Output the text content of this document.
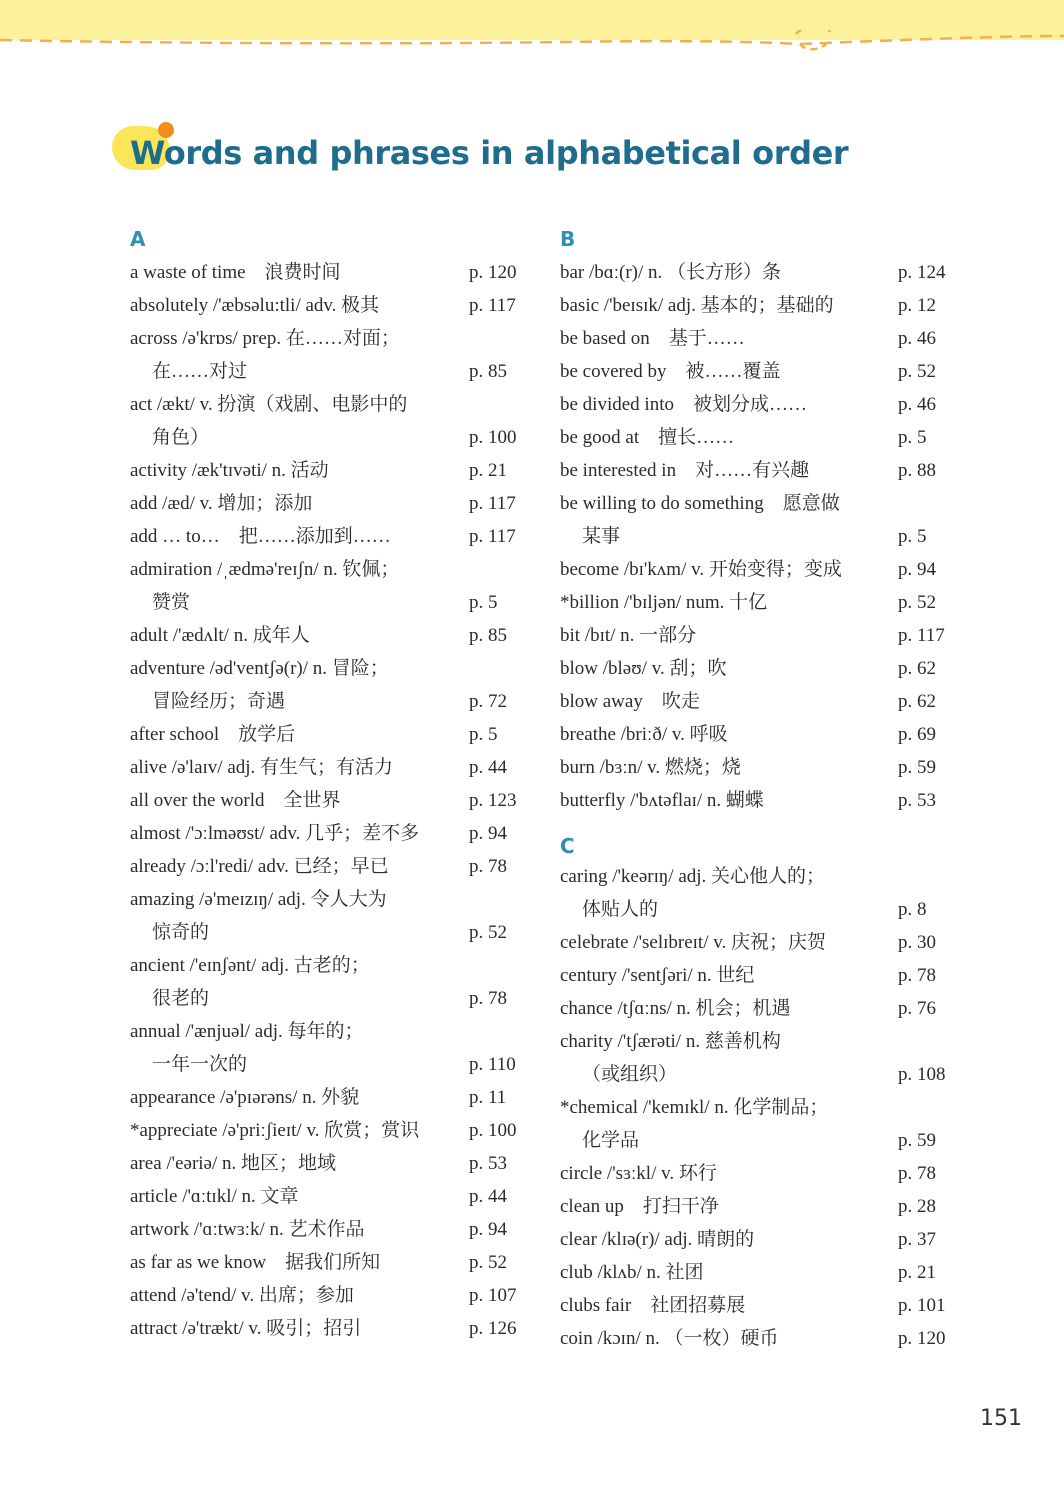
Words and phrases in alphabetical order
A
a waste of time　浪费时间	p. 120
absolutely /'æbsəlu:tli/ adv. 极其	p. 117
across /ə'krɒs/ prep. 在……对面；
在……对过	p. 85
act /ækt/ v. 扮演（戏剧、电影中的
角色）	p. 100
activity /æk'tɪvəti/ n. 活动	p. 21
add /æd/ v. 增加；添加	p. 117
add … to…　把……添加到……	p. 117
admiration /ˌædmə'reɪʃn/ n. 钦佩；
赞赏	p. 5
adult /'ædʌlt/ n. 成年人	p. 85
adventure /əd'ventʃə(r)/ n. 冒险；
冒险经历；奇遇	p. 72
after school　放学后	p. 5
alive /ə'laɪv/ adj. 有生气；有活力	p. 44
all over the world　全世界	p. 123
almost /'ɔːlməʊst/ adv. 几乎；差不多	p. 94
already /ɔːl'redi/ adv. 已经；早已	p. 78
amazing /ə'meɪzɪŋ/ adj. 令人大为
惊奇的	p. 52
ancient /'eɪnʃənt/ adj. 古老的；
很老的	p. 78
annual /'ænjuəl/ adj. 每年的；
一年一次的	p. 110
appearance /ə'pɪərəns/ n. 外貌	p. 11
*appreciate /ə'priːʃieɪt/ v. 欣赏；赏识	p. 100
area /'eəriə/ n. 地区；地域	p. 53
article /'ɑːtɪkl/ n. 文章	p. 44
artwork /'ɑːtwɜːk/ n. 艺术作品	p. 94
as far as we know　据我们所知	p. 52
attend /ə'tend/ v. 出席；参加	p. 107
attract /ə'trækt/ v. 吸引；招引	p. 126
B
bar /bɑː(r)/ n. （长方形）条	p. 124
basic /'beɪsɪk/ adj. 基本的；基础的	p. 12
be based on　基于……	p. 46
be covered by　被……覆盖	p. 52
be divided into　被划分成……	p. 46
be good at　擅长……	p. 5
be interested in　对……有兴趣	p. 88
be willing to do something　愿意做
某事	p. 5
become /bɪ'kʌm/ v. 开始变得；变成	p. 94
*billion /'bɪljən/ num. 十亿	p. 52
bit /bɪt/ n. 一部分	p. 117
blow /bləʊ/ v. 刮；吹	p. 62
blow away　吹走	p. 62
breathe /briːð/ v. 呼吸	p. 69
burn /bɜːn/ v. 燃烧；烧	p. 59
butterfly /'bʌtəflaɪ/ n. 蝴蝶	p. 53
C
caring /'keərɪŋ/ adj. 关心他人的；
体贴人的	p. 8
celebrate /'selɪbreɪt/ v. 庆祝；庆贺	p. 30
century /'sentʃəri/ n. 世纪	p. 78
chance /tʃɑːns/ n. 机会；机遇	p. 76
charity /'tʃærəti/ n. 慈善机构
（或组织）	p. 108
*chemical /'kemɪkl/ n. 化学制品；
化学品	p. 59
circle /'sɜːkl/ v. 环行	p. 78
clean up　打扫干净	p. 28
clear /klɪə(r)/ adj. 晴朗的	p. 37
club /klʌb/ n. 社团	p. 21
clubs fair　社团招募展	p. 101
coin /kɔɪn/ n. （一枚）硬币	p. 120
151
